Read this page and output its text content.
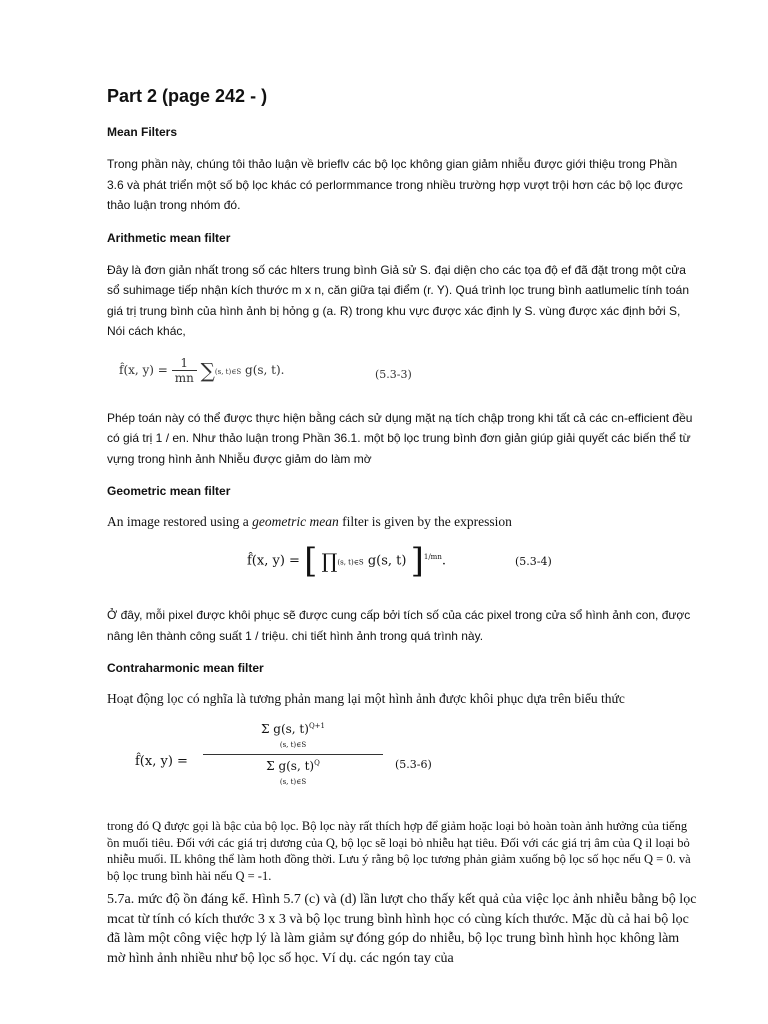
Part 2 (page 242 - )
Mean Filters
Trong phần này, chúng tôi thảo luận về brieflv các bộ lọc không gian giảm nhiễu được giới thiệu trong Phần 3.6 và phát triển một số bộ lọc khác có perlormmance trong nhiều trường hợp vượt trội hơn các bộ lọc được thảo luận trong nhóm đó.
Arithmetic mean filter
Đây là đơn giản nhất trong số các hlters trung bình Giả sử S. đại diện cho các tọa độ ef đã đặt trong một cửa sổ suhimage tiếp nhận kích thước m x n, căn giữa tại điểm (r. Y). Quá trình lọc trung bình aatlumelic tính toán giá trị trung bình của hình ảnh bị hỏng g (a. R) trong khu vực được xác định ly S. vùng được xác định bởi S, Nói cách khác,
f̂(x, $y) = \frac{1}{mn} \sum(s$, t)∈S g(s, t).	(5.3-3)
Phép toán này có thể được thực hiện bằng cách sử dụng mặt nạ tích chập trong khi tất cả các cn-efficient đều có giá trị 1 / en. Như thảo luận trong Phần 36.1. một bộ lọc trung bình đơn giản giúp giải quyết các biến thể từ vựng trong hình ảnh Nhiễu được giảm do làm mờ
Geometric mean filter
An image restored using a geometric mean filter is given by the expression
f̂(x, y) = [ ∏(s, t)∈S g(s, t) ]$^{1/mn}$.	(5.3-4)
Ở đây, mỗi pixel được khôi phục sẽ được cung cấp bởi tích số của các pixel trong cửa sổ hình ảnh con, được nâng lên thành công suất 1 / triệu. chi tiết hình ảnh trong quá trình này.
Contraharmonic mean filter
Hoạt động lọc có nghĩa là tương phản mang lại một hình ảnh được khôi phục dựa trên biểu thức
f̂(x, y) =
Σ g(s, t)$^{Q+1}$
(s, t)∈S
Σ g(s, t)$^Q$
(s, t)∈S
(5.3-6)
trong đó Q được gọi là bậc của bộ lọc. Bộ lọc này rất thích hợp để giảm hoặc loại bỏ hoàn toàn ảnh hưởng của tiếng ồn muối tiêu. Đối với các giá trị dương của Q, bộ lọc sẽ loại bỏ nhiễu hạt tiêu. Đối với các giá trị âm của Q il loại bỏ nhiễu muối. IL không thể làm hoth đồng thời. Lưu ý rằng bộ lọc tương phản giảm xuống bộ lọc số học nếu Q = 0. và bộ lọc trung bình hài nếu Q = -1.
5.7a. mức độ ồn đáng kể. Hình 5.7 (c) và (d) lần lượt cho thấy kết quả của việc lọc ảnh nhiễu bằng bộ lọc mcat từ tính có kích thước 3 x 3 và bộ lọc trung bình hình học có cùng kích thước. Mặc dù cả hai bộ lọc đã làm một công việc hợp lý là làm giảm sự đóng góp do nhiễu, bộ lọc trung bình hình học không làm mờ hình ảnh nhiều như bộ lọc số học. Ví dụ. các ngón tay của
